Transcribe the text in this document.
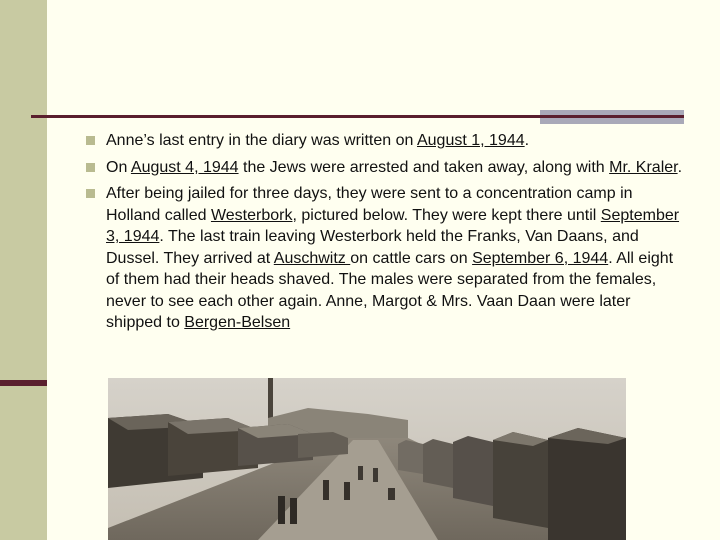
Anne’s last entry in the diary was written on August 1, 1944.
On August 4, 1944 the Jews were arrested and taken away, along with Mr. Kraler.
After being jailed for three days, they were sent to a concentration camp in Holland called Westerbork, pictured below. They were kept there until September 3, 1944. The last train leaving Westerbork held the Franks, Van Daans, and Dussel. They arrived at Auschwitz on cattle cars on September 6, 1944. All eight of them had their heads shaved. The males were separated from the females, never to see each other again. Anne, Margot & Mrs. Vaan Daan were later shipped to Bergen-Belsen
